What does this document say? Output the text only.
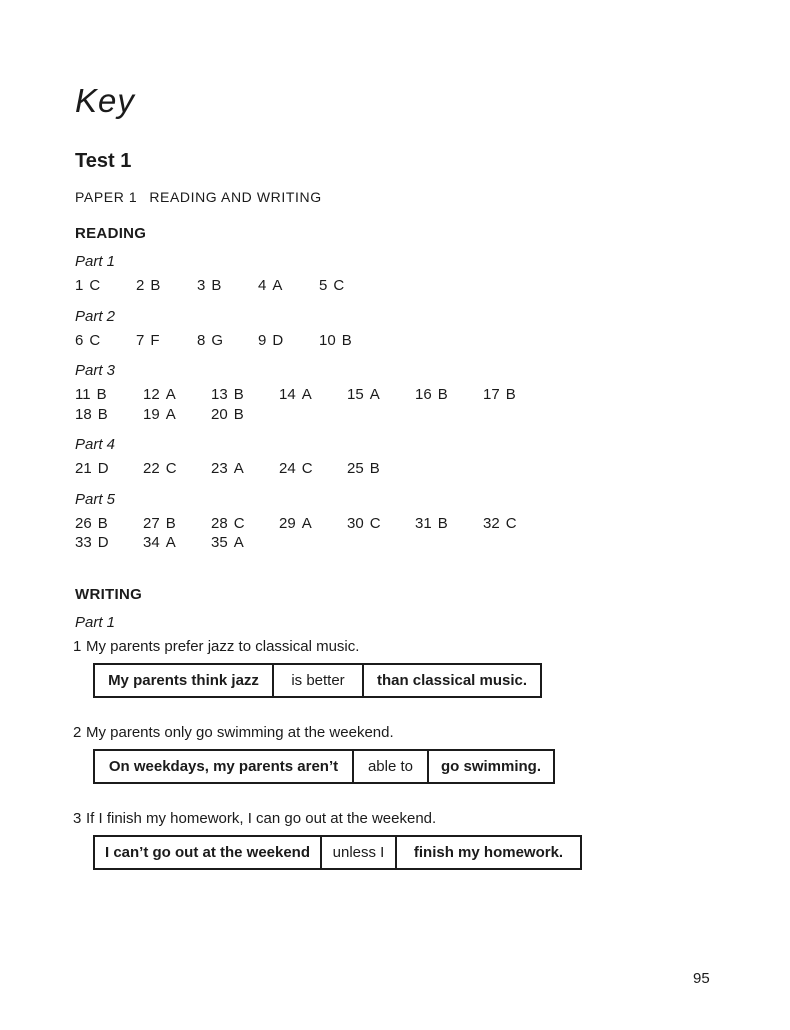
Key
Test 1
PAPER 1 READING AND WRITING
READING
Part 1
1 C 2 B 3 B 4 A 5 C
Part 2
6 C 7 F 8 G 9 D 10 B
Part 3
11 B 12 A 13 B 14 A 15 A 16 B 17 B
18 B 19 A 20 B
Part 4
21 D 22 C 23 A 24 C 25 B
Part 5
26 B 27 B 28 C 29 A 30 C 31 B 32 C
33 D 34 A 35 A
WRITING
Part 1
1 My parents prefer jazz to classical music.
My parents think jazz	is better	than classical music.
2 My parents only go swimming at the weekend.
On weekdays, my parents aren’t	able to	go swimming.
3 If I finish my homework, I can go out at the weekend.
I can’t go out at the weekend	unless I	finish my homework.
95
